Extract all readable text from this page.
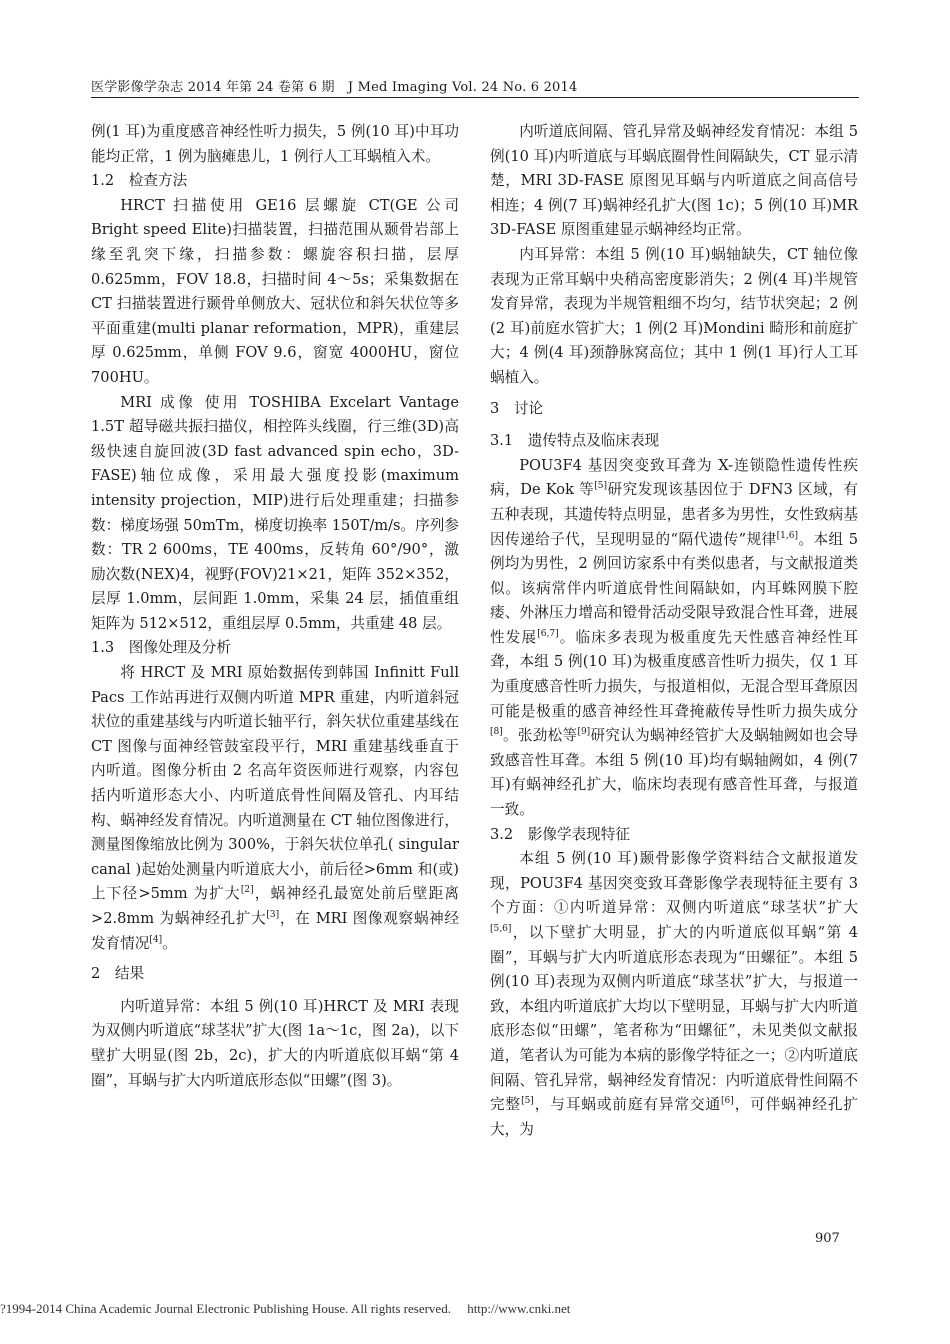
医学影像学杂志 2014 年第 24 卷第 6 期　J Med Imaging Vol. 24 No. 6 2014

例(1 耳)为重度感音神经性听力损失，5 例(10 耳)中耳功能均正常，1 例为脑瘫患儿，1 例行人工耳蜗植入术。

1.2　检查方法

HRCT 扫描使用 GE16 层螺旋 CT(GE 公司 Bright speed Elite)扫描装置，扫描范围从颞骨岩部上缘至乳突下缘，扫描参数：螺旋容积扫描，层厚 0.625mm，FOV 18.8，扫描时间 4～5s；采集数据在 CT 扫描装置进行颞骨单侧放大、冠状位和斜矢状位等多平面重建(multi planar reformation，MPR)，重建层厚 0.625mm，单侧 FOV 9.6，窗宽 4000HU，窗位 700HU。

MRI 成像 使用 TOSHIBA Excelart Vantage 1.5T 超导磁共振扫描仪，相控阵头线圈，行三维(3D)高级快速自旋回波(3D fast advanced spin echo，3D-FASE)轴位成像，采用最大强度投影(maximum intensity projection，MIP)进行后处理重建；扫描参数：梯度场强 50mTm，梯度切换率 150T/m/s。序列参数：TR 2 600ms，TE 400ms，反转角 60°/90°，激励次数(NEX)4，视野(FOV)21×21，矩阵 352×352，层厚 1.0mm，层间距 1.0mm，采集 24 层，插值重组矩阵为 512×512，重组层厚 0.5mm，共重建 48 层。

1.3　图像处理及分析

将 HRCT 及 MRI 原始数据传到韩国 Infinitt Full Pacs 工作站再进行双侧内听道 MPR 重建，内听道斜冠状位的重建基线与内听道长轴平行，斜矢状位重建基线在 CT 图像与面神经管鼓室段平行，MRI 重建基线垂直于内听道。图像分析由 2 名高年资医师进行观察，内容包括内听道形态大小、内听道底骨性间隔及管孔、内耳结构、蜗神经发育情况。内听道测量在 CT 轴位图像进行，测量图像缩放比例为 300%，于斜矢状位单孔( singular canal )起始处测量内听道底大小，前后径>6mm 和(或)上下径>5mm 为扩大[2]，蜗神经孔最宽处前后壁距离>2.8mm 为蜗神经孔扩大[3]，在 MRI 图像观察蜗神经发育情况[4]。

2　结果

内听道异常：本组 5 例(10 耳)HRCT 及 MRI 表现为双侧内听道底“球茎状”扩大(图 1a～1c，图 2a)，以下壁扩大明显(图 2b，2c)，扩大的内听道底似耳蜗“第 4 圈”，耳蜗与扩大内听道底形态似“田螺”(图 3)。

内听道底间隔、管孔异常及蜗神经发育情况：本组 5 例(10 耳)内听道底与耳蜗底圈骨性间隔缺失，CT 显示清楚，MRI 3D-FASE 原图见耳蜗与内听道底之间高信号相连；4 例(7 耳)蜗神经孔扩大(图 1c)；5 例(10 耳)MR 3D-FASE 原图重建显示蜗神经均正常。

内耳异常：本组 5 例(10 耳)蜗轴缺失，CT 轴位像表现为正常耳蜗中央稍高密度影消失；2 例(4 耳)半规管发育异常，表现为半规管粗细不均匀，结节状突起；2 例(2 耳)前庭水管扩大；1 例(2 耳)Mondini 畸形和前庭扩大；4 例(4 耳)颈静脉窝高位；其中 1 例(1 耳)行人工耳蜗植入。

3　讨论
3.1　遗传特点及临床表现

POU3F4 基因突变致耳聋为 X-连锁隐性遗传性疾病，De Kok 等[5]研究发现该基因位于 DFN3 区域，有五种表现，其遗传特点明显，患者多为男性，女性致病基因传递给子代，呈现明显的“隔代遗传”规律[1,6]。本组 5 例均为男性，2 例回访家系中有类似患者，与文献报道类似。该病常伴内听道底骨性间隔缺如，内耳蛛网膜下腔瘘、外淋压力增高和镫骨活动受限导致混合性耳聋，进展性发展[6,7]。临床多表现为极重度先天性感音神经性耳聋，本组 5 例(10 耳)为极重度感音性听力损失，仅 1 耳为重度感音性听力损失，与报道相似，无混合型耳聋原因可能是极重的感音神经性耳聋掩蔽传导性听力损失成分[8]。张劲松等[9]研究认为蜗神经管扩大及蜗轴阙如也会导致感音性耳聋。本组 5 例(10 耳)均有蜗轴阙如，4 例(7 耳)有蜗神经孔扩大，临床均表现有感音性耳聋，与报道一致。

3.2　影像学表现特征

本组 5 例(10 耳)颞骨影像学资料结合文献报道发现，POU3F4 基因突变致耳聋影像学表现特征主要有 3 个方面：①内听道异常：双侧内听道底“球茎状”扩大[5,6]，以下壁扩大明显，扩大的内听道底似耳蜗“第 4 圈”，耳蜗与扩大内听道底形态表现为“田螺征”。本组 5 例(10 耳)表现为双侧内听道底“球茎状”扩大，与报道一致，本组内听道底扩大均以下壁明显，耳蜗与扩大内听道底形态似“田螺”，笔者称为“田螺征”，未见类似文献报道，笔者认为可能为本病的影像学特征之一；②内听道底间隔、管孔异常，蜗神经发育情况：内听道底骨性间隔不完整[5]，与耳蜗或前庭有异常交通[6]，可伴蜗神经孔扩大，为

907
?1994-2014 China Academic Journal Electronic Publishing House. All rights reserved.　 http://www.cnki.net
